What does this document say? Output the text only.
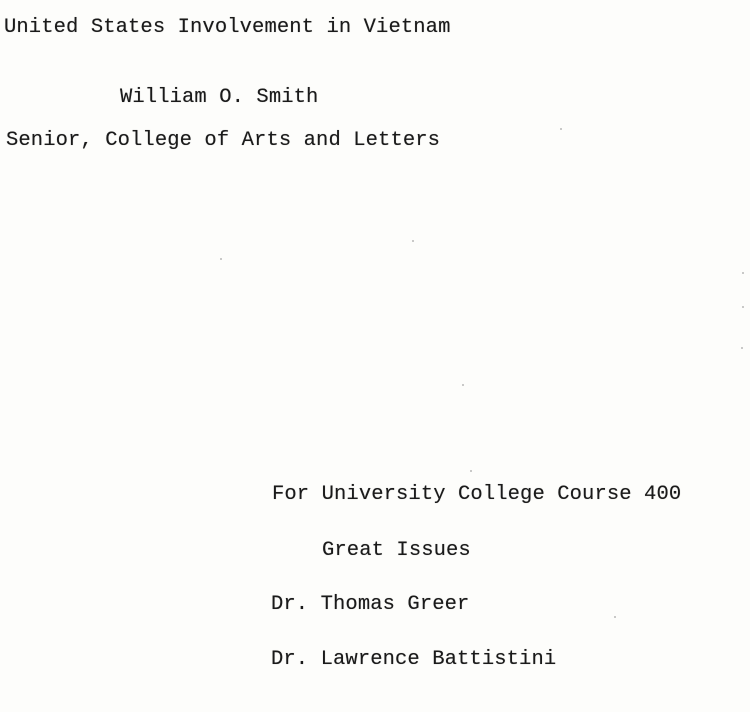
United States Involvement in Vietnam
William O. Smith
Senior, College of Arts and Letters
For University College Course 400
Great Issues
Dr. Thomas Greer
Dr. Lawrence Battistini
